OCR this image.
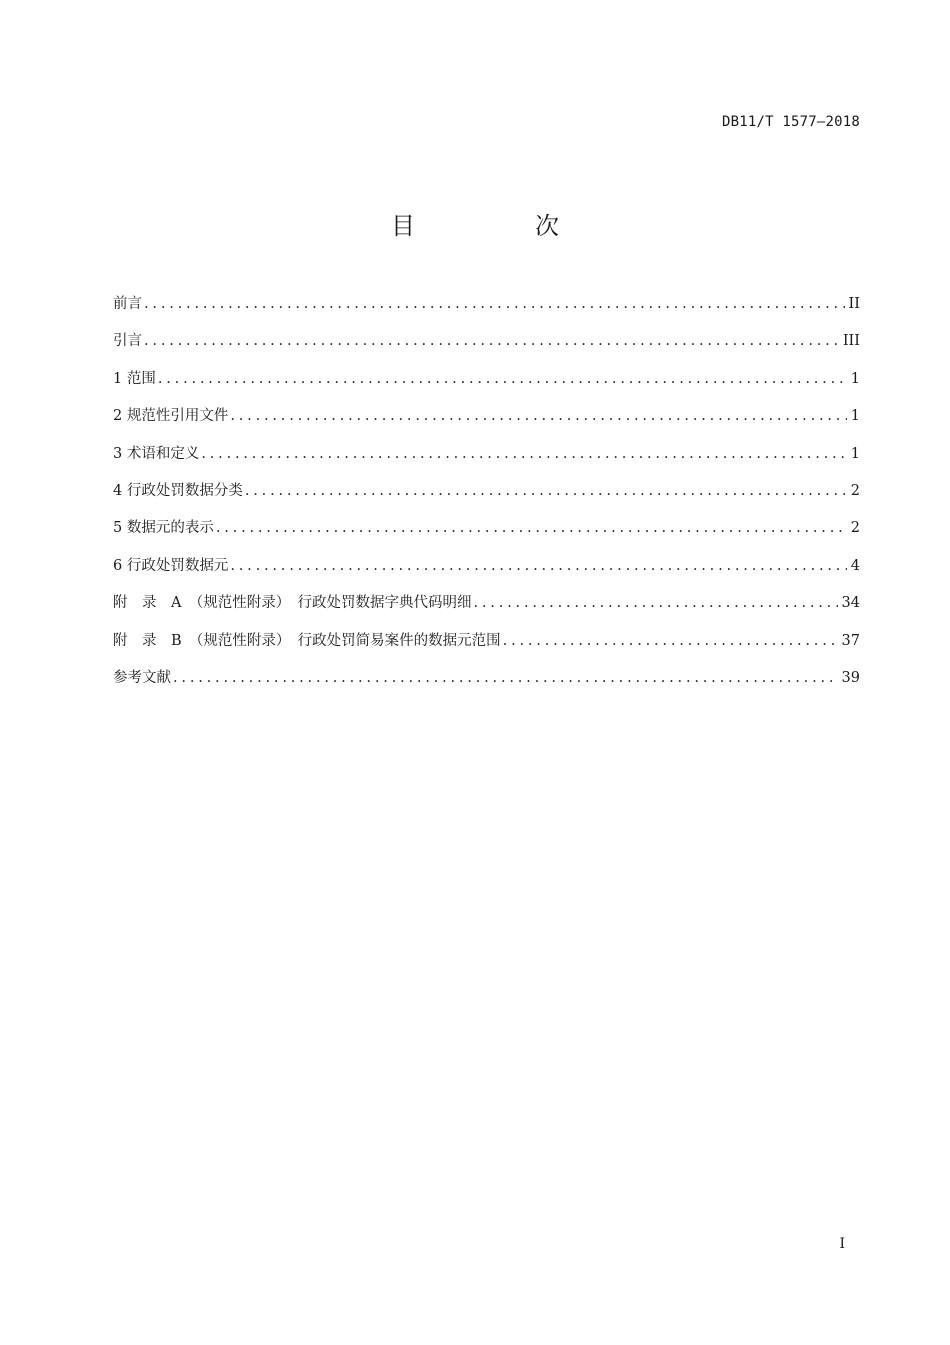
DB11/T 1577—2018
目　次
前言 .....	II
引言 .....	III
1 范围 .....	1
2 规范性引用文件 .....	1
3 术语和定义 .....	1
4 行政处罚数据分类 .....	2
5 数据元的表示 .....	2
6 行政处罚数据元 .....	4
附　录　A　（规范性附录）　行政处罚数据字典代码明细 .....	34
附　录　B　（规范性附录）　行政处罚简易案件的数据元范围 .....	37
参考文献 .....	39
I
